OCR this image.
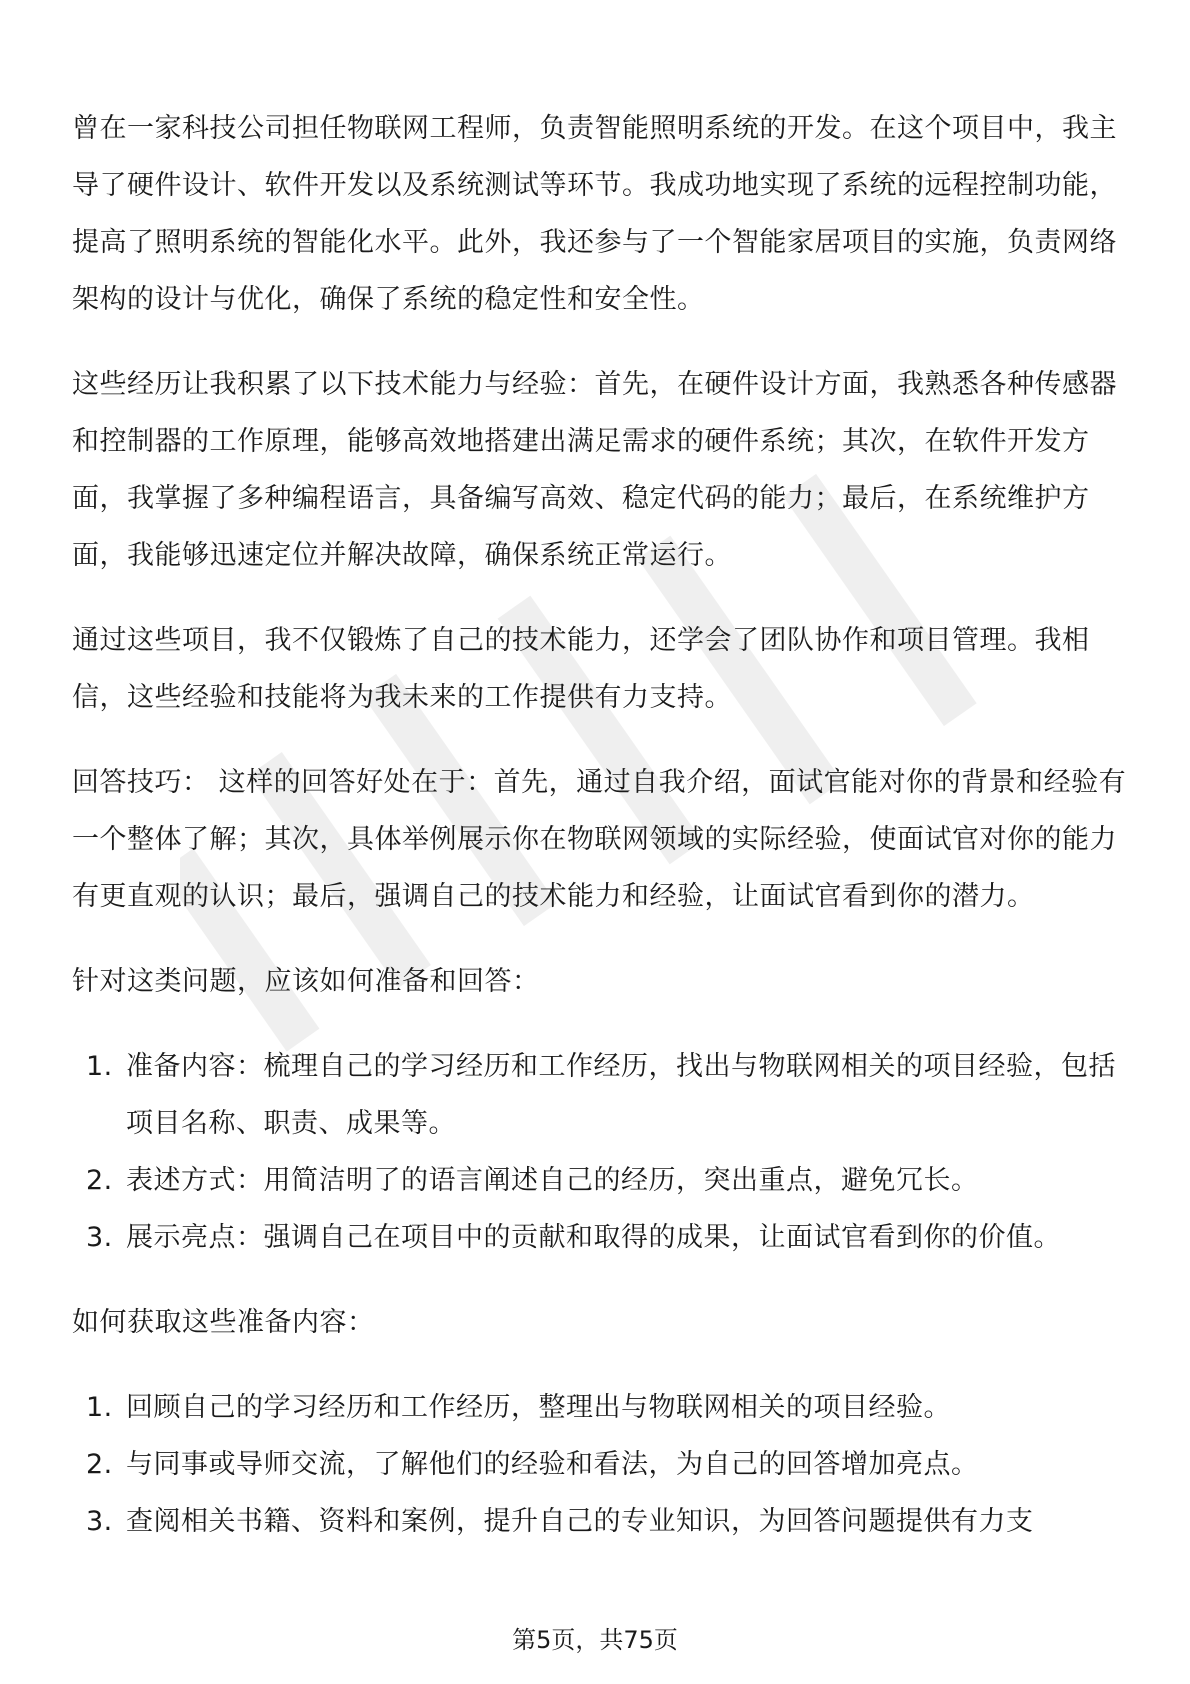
曾在一家科技公司担任物联网工程师，负责智能照明系统的开发。在这个项目中，我主导了硬件设计、软件开发以及系统测试等环节。我成功地实现了系统的远程控制功能，提高了照明系统的智能化水平。此外，我还参与了一个智能家居项目的实施，负责网络架构的设计与优化，确保了系统的稳定性和安全性。

这些经历让我积累了以下技术能力与经验：首先，在硬件设计方面，我熟悉各种传感器和控制器的工作原理，能够高效地搭建出满足需求的硬件系统；其次，在软件开发方面，我掌握了多种编程语言，具备编写高效、稳定代码的能力；最后，在系统维护方面，我能够迅速定位并解决故障，确保系统正常运行。

通过这些项目，我不仅锻炼了自己的技术能力，还学会了团队协作和项目管理。我相信，这些经验和技能将为我未来的工作提供有力支持。

回答技巧： 这样的回答好处在于：首先，通过自我介绍，面试官能对你的背景和经验有一个整体了解；其次，具体举例展示你在物联网领域的实际经验，使面试官对你的能力有更直观的认识；最后，强调自己的技术能力和经验，让面试官看到你的潜力。

针对这类问题，应该如何准备和回答：

1. 准备内容：梳理自己的学习经历和工作经历，找出与物联网相关的项目经验，包括项目名称、职责、成果等。
2. 表述方式：用简洁明了的语言阐述自己的经历，突出重点，避免冗长。
3. 展示亮点：强调自己在项目中的贡献和取得的成果，让面试官看到你的价值。

如何获取这些准备内容：

1. 回顾自己的学习经历和工作经历，整理出与物联网相关的项目经验。
2. 与同事或导师交流，了解他们的经验和看法，为自己的回答增加亮点。
3. 查阅相关书籍、资料和案例，提升自己的专业知识，为回答问题提供有力支
第5页，共75页
